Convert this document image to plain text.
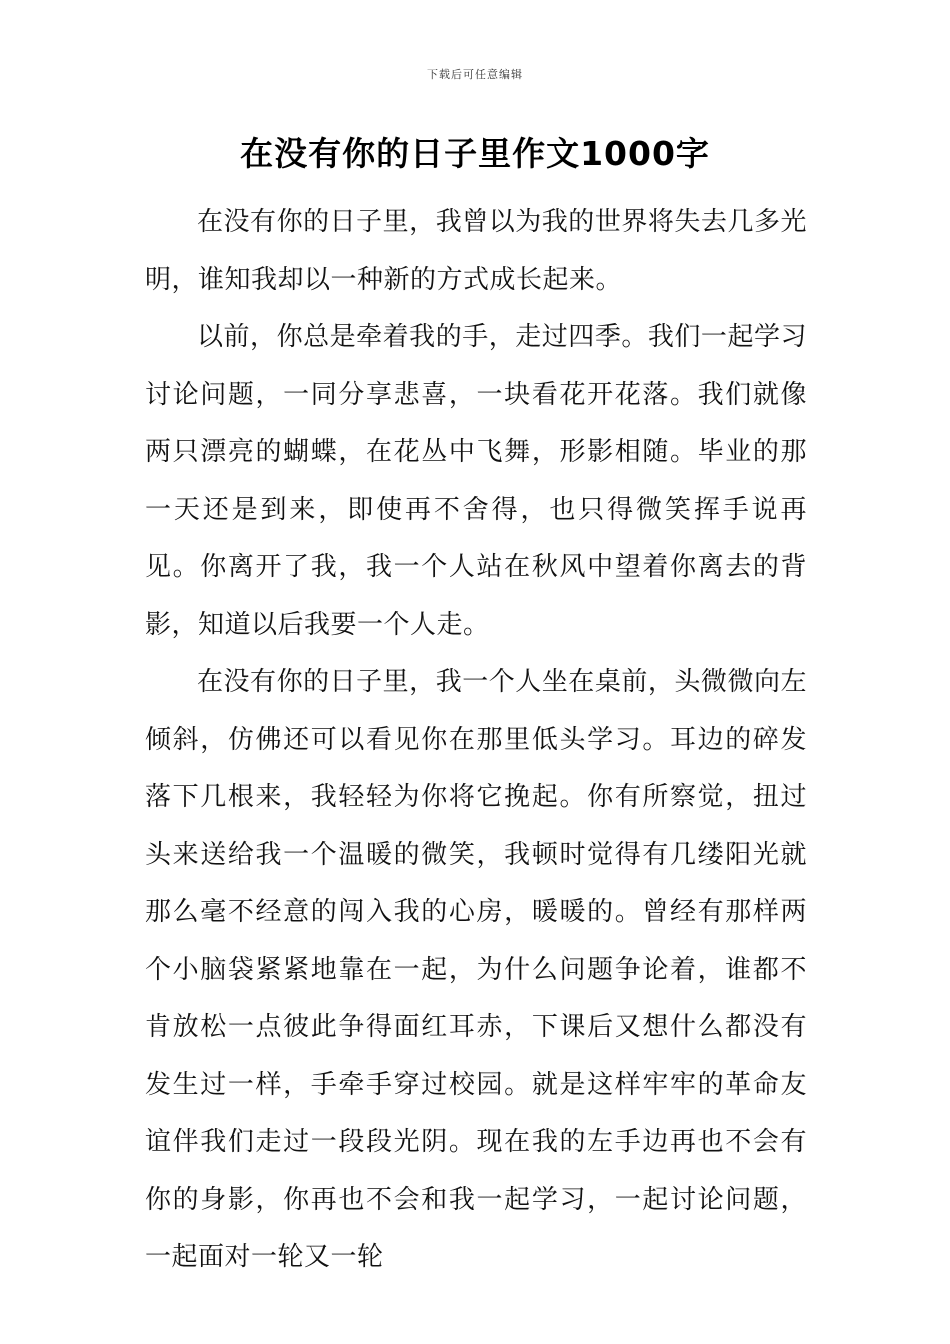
下载后可任意编辑
在没有你的日子里作文1000字

在没有你的日子里，我曾以为我的世界将失去几多光明，谁知我却以一种新的方式成长起来。

以前，你总是牵着我的手，走过四季。我们一起学习讨论问题，一同分享悲喜，一块看花开花落。我们就像两只漂亮的蝴蝶，在花丛中飞舞，形影相随。毕业的那一天还是到来，即使再不舍得，也只得微笑挥手说再见。你离开了我，我一个人站在秋风中望着你离去的背影，知道以后我要一个人走。

在没有你的日子里，我一个人坐在桌前，头微微向左倾斜，仿佛还可以看见你在那里低头学习。耳边的碎发落下几根来，我轻轻为你将它挽起。你有所察觉，扭过头来送给我一个温暖的微笑，我顿时觉得有几缕阳光就那么毫不经意的闯入我的心房，暖暖的。曾经有那样两个小脑袋紧紧地靠在一起，为什么问题争论着，谁都不肯放松一点彼此争得面红耳赤，下课后又想什么都没有发生过一样，手牵手穿过校园。就是这样牢牢的革命友谊伴我们走过一段段光阴。现在我的左手边再也不会有你的身影，你再也不会和我一起学习，一起讨论问题，一起面对一轮又一轮
